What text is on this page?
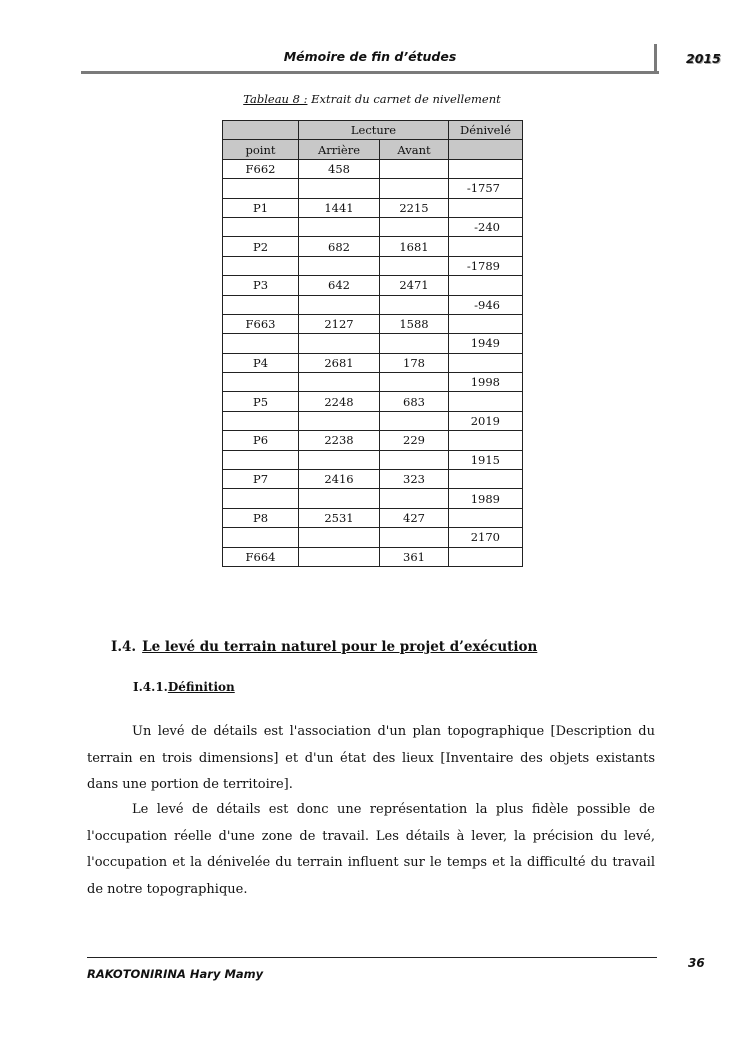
Mémoire de fin d’études	2015
Tableau 8 : Extrait du carnet de nivellement
	Lecture		Dénivelé
point	Arrière	Avant	
F662	458		
			-1757
P1	1441	2215	
			-240
P2	682	1681	
			-1789
P3	642	2471	
			-946
F663	2127	1588	
			1949
P4	2681	178	
			1998
P5	2248	683	
			2019
P6	2238	229	
			1915
P7	2416	323	
			1989
P8	2531	427	
			2170
F664		361	
I.4. Le levé du terrain naturel pour le projet d’exécution
I.4.1.Définition

Un levé de détails est l'association d'un plan topographique [Description du terrain en trois dimensions] et d'un état des lieux [Inventaire des objets existants dans une portion de territoire].

Le levé de détails est donc une représentation la plus fidèle possible de l'occupation réelle d'une zone de travail. Les détails à lever, la précision du levé, l'occupation et la dénivelée du terrain influent sur le temps et la difficulté du travail de notre topographique.

36
RAKOTONIRINA Hary Mamy
